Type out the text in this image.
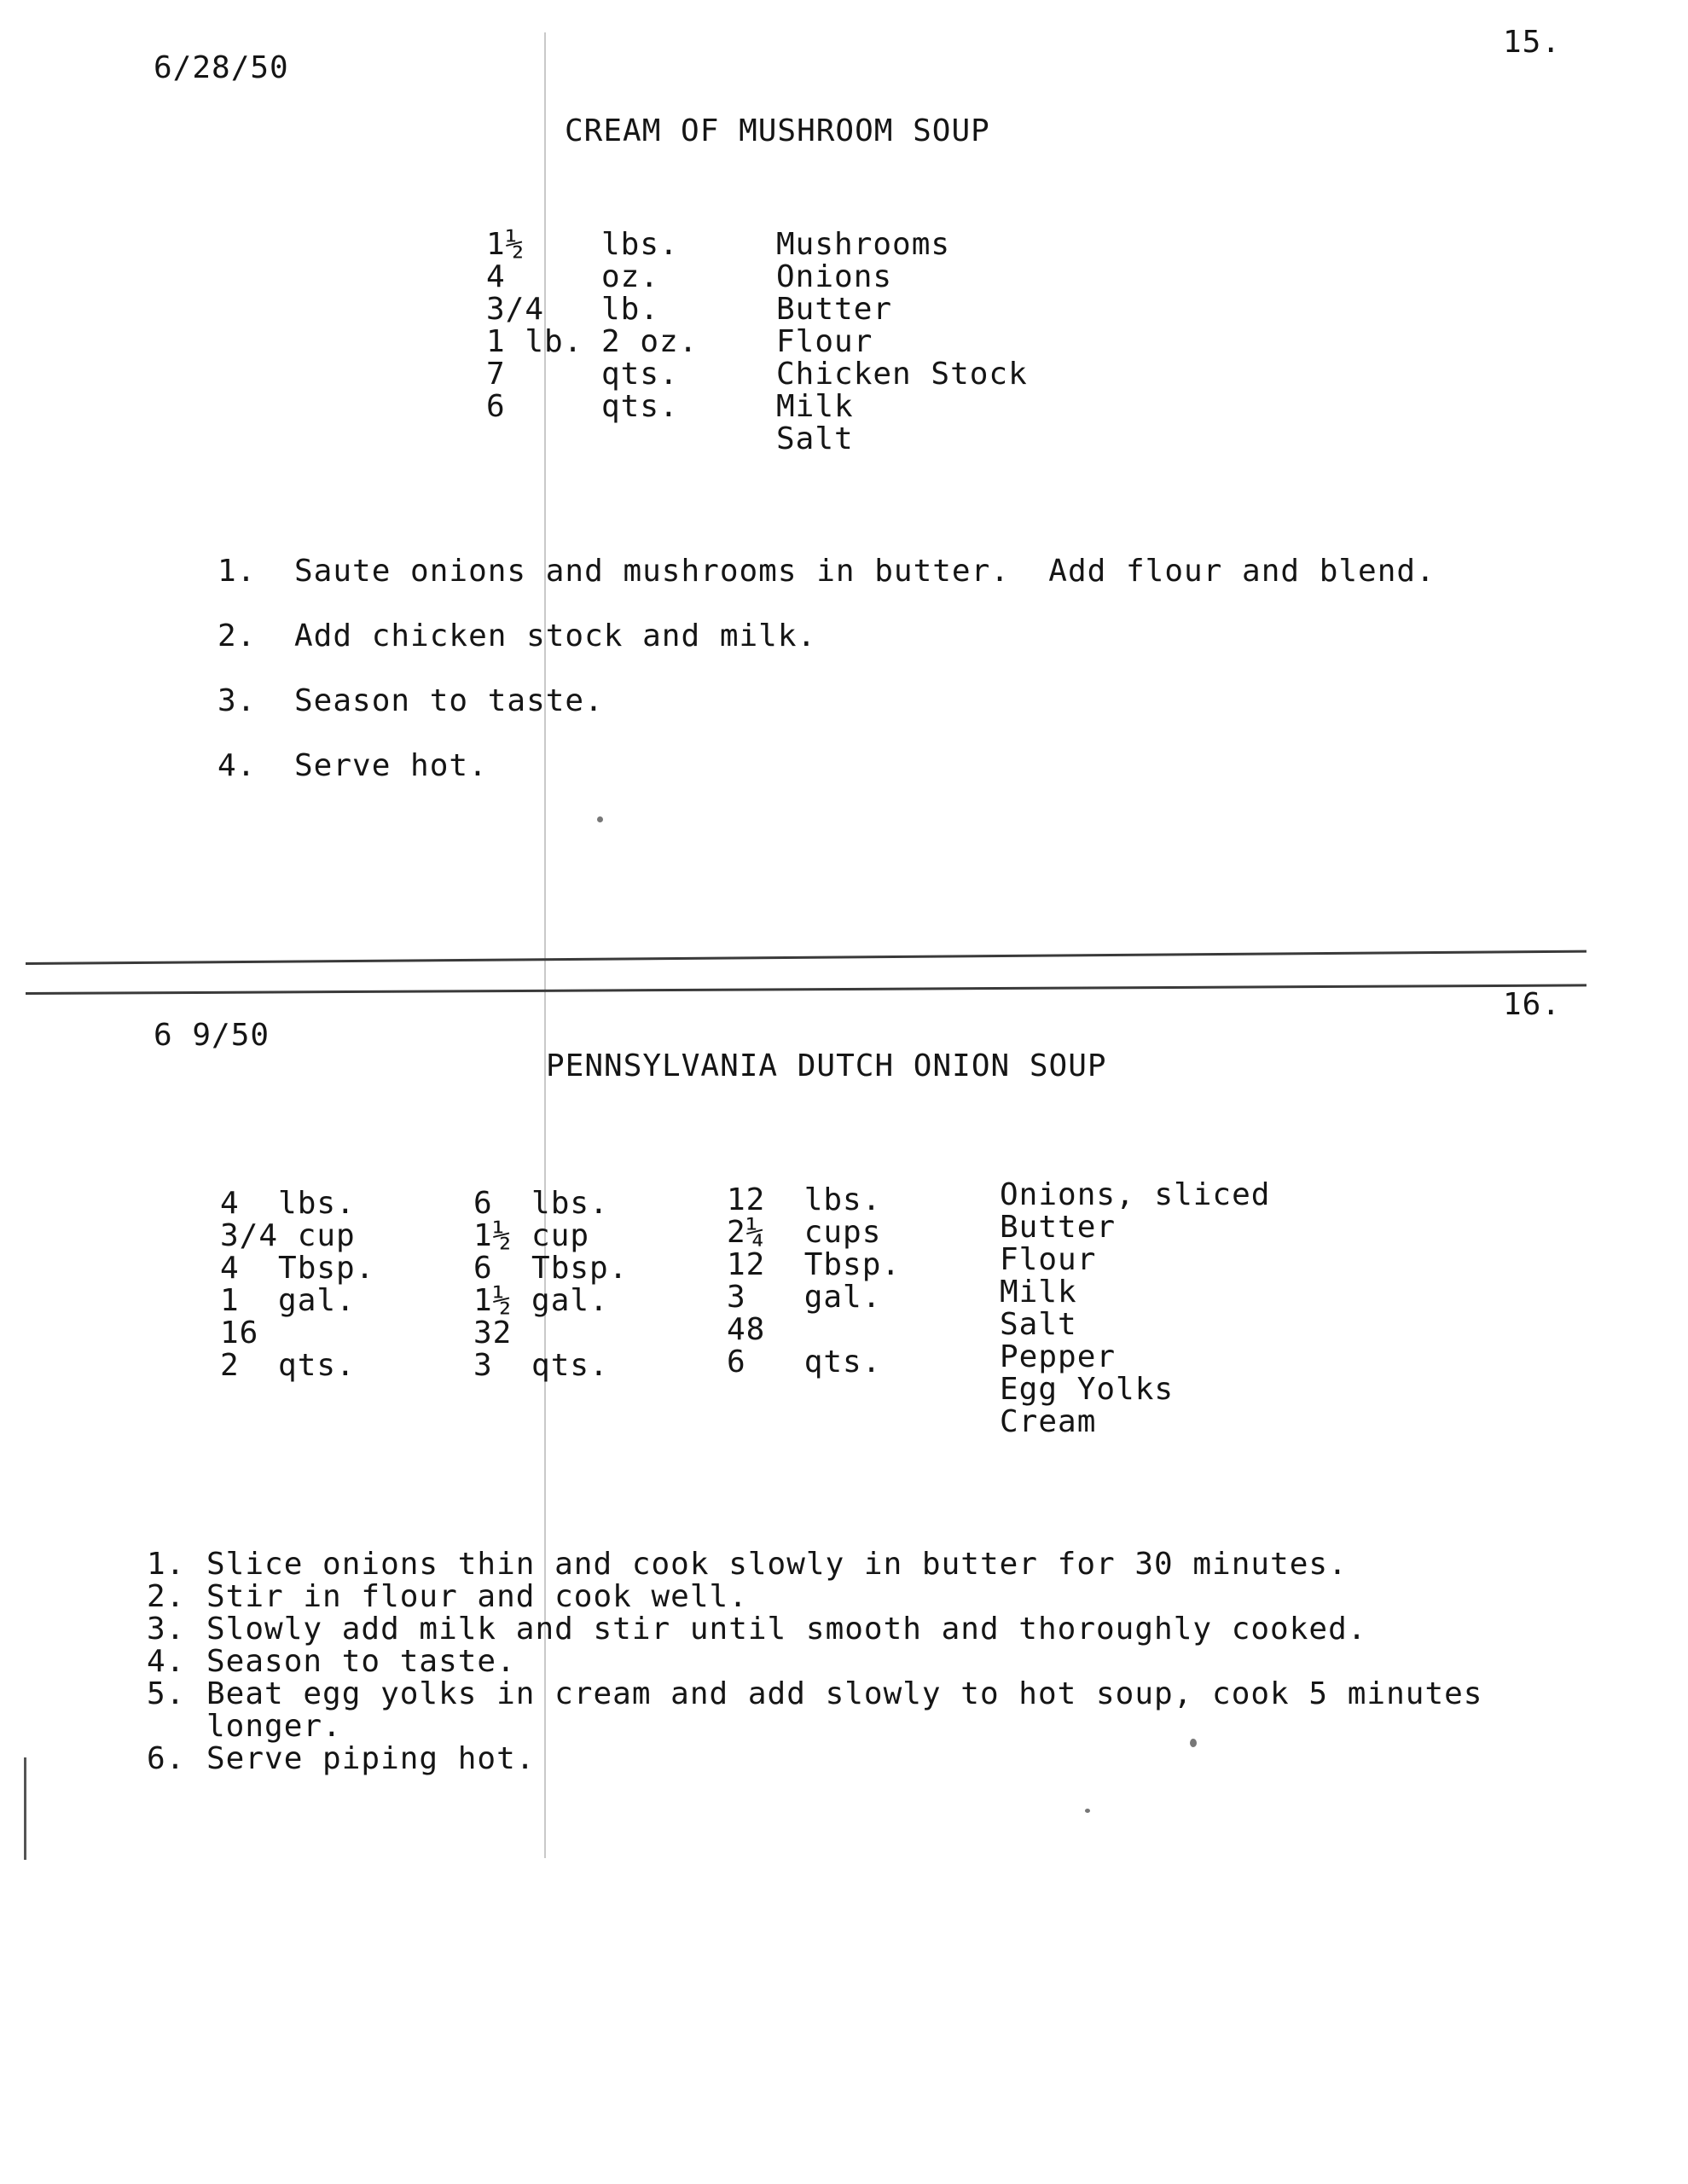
6/28/50
15.
CREAM OF MUSHROOM SOUP
1½
4
3/4
1 lb.
7
6
lbs.
oz.
lb.
2 oz.
qts.
qts.
Mushrooms
Onions
Butter
Flour
Chicken Stock
Milk
Salt
1. Saute onions and mushrooms in butter.  Add flour and blend.
2. Add chicken stock and milk.
3. Season to taste.
4. Serve hot.
6 9/50
16.
PENNSYLVANIA DUTCH ONION SOUP
4  lbs.
3/4 cup
4  Tbsp.
1  gal.
16
2  qts.
6  lbs.
1½ cup
6  Tbsp.
1½ gal.
32
3  qts.
12  lbs.
2¼  cups
12  Tbsp.
3   gal.
48
6   qts.
Onions, sliced
Butter
Flour
Milk
Salt
Pepper
Egg Yolks
Cream
1. Slice onions thin and cook slowly in butter for 30 minutes.
2. Stir in flour and cook well.
3. Slowly add milk and stir until smooth and thoroughly cooked.
4. Season to taste.
5. Beat egg yolks in cream and add slowly to hot soup, cook 5 minutes
longer.
6. Serve piping hot.
